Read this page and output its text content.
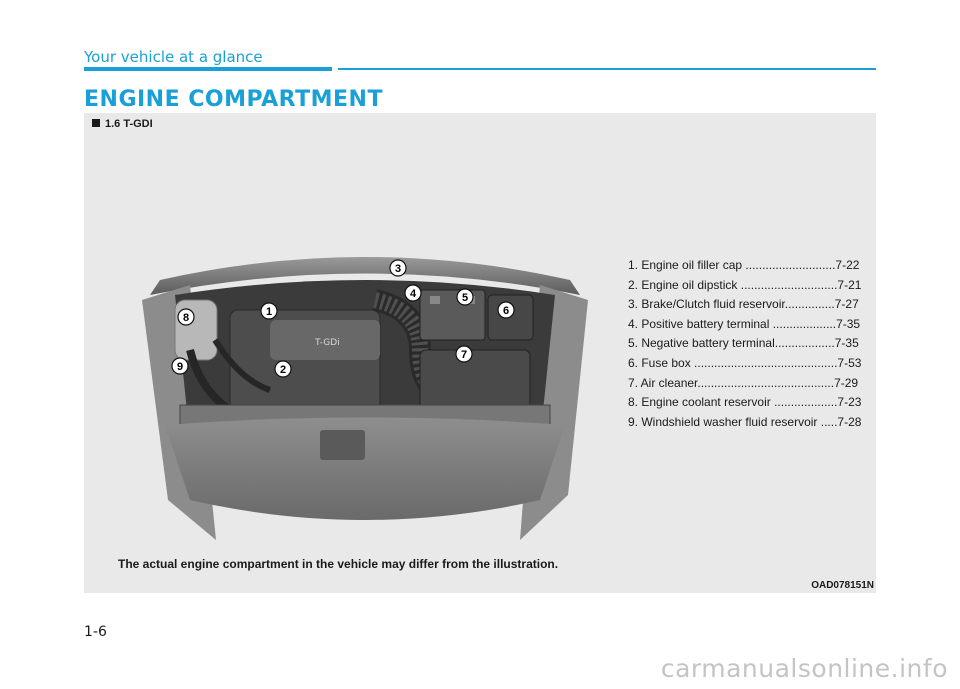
Your vehicle at a glance
ENGINE COMPARTMENT
1.6 T-GDI
T-GDi
1
2
3
4	5
6
7
8
9
1. Engine oil filler cap ...........................7-22
2. Engine oil dipstick .............................7-21
3. Brake/Clutch fluid reservoir...............7-27
4. Positive battery terminal ...................7-35
5. Negative battery terminal..................7-35
6. Fuse box ...........................................7-53
7. Air cleaner.........................................7-29
8. Engine coolant reservoir ...................7-23
9. Windshield washer fluid reservoir .....7-28
The actual engine compartment in the vehicle may differ from the illustration.
OAD078151N
1-6
carmanualsonline.info
